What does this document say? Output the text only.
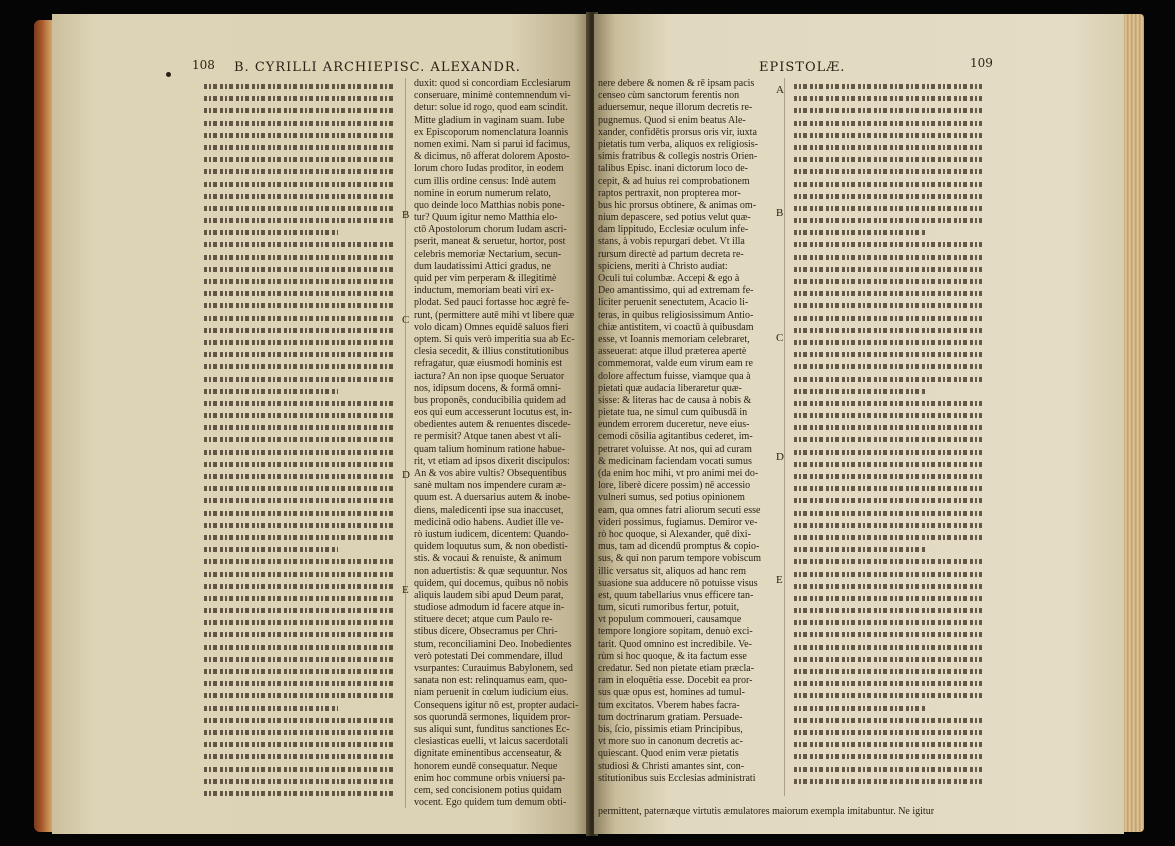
108 B. CYRILLI ARCHIEPISC. ALEXANDR.
duxit: quod si concordiam Ecclesiarum
conseruare, minimè contemnendum vi-
detur: solue id rogo, quod eam scindit.
Mitte gladium in vaginam suam. Iube
ex Episcoporum nomenclatura Ioannis
nomen eximi. Nam si parui id facimus,
& dicimus, nō afferat dolorem Aposto-
lorum choro Iudas proditor, in eodem
cum illis ordine census: Indè autem
nomine in eorum numerum relato,
quo deinde loco Matthias nobis pone-
tur? Quum igitur nemo Matthia elo-
ctō Apostolorum chorum Iudam ascri-
pserit, maneat & seruetur, hortor, post
celebris memoriæ Nectarium, secun-
dum laudatissimi Attici gradus, ne
quid per vim perperam & illegitimè
inductum, memoriam beati viri ex-
plodat. Sed pauci fortasse hoc ægrè fe-
runt, (permittere autē mihi vt libere quæ
volo dicam) Omnes equidē saluos fieri
optem. Si quis verò imperitia sua ab Ec-
clesia secedit, & illius constitutionibus
refragatur, quæ eiusmodi hominis est
iactura? An non ipse quoque Seruator
nos, idipsum docens, & formā omni-
bus proponēs, conducibilia quidem ad
eos qui eum accesserunt locutus est, in-
obedientes autem & renuentes discede-
re permisit? Atque tanen abest vt ali-
quam talium hominum ratione habue-
rit, vt etiam ad ipsos dixerit discipulos:
An & vos abire vultis? Obsequentibus
sanè multam nos impendere curam æ-
quum est. A duersarius autem & inobe-
diens, maledicenti ipse sua inaccuset,
medicinā odio habens. Audiet ille ve-
rò iustum iudicem, dicentem: Quando-
quidem loquutus sum, & non obedisti-
stis. & vocaui & renuiste, & animum
non aduertistis: & quæ sequuntur. Nos
quidem, qui docemus, quibus nō nobis
aliquis laudem sibi apud Deum parat,
studiose admodum id facere atque in-
stituere decet; atque cum Paulo re-
stibus dicere, Obsecramus per Chri-
stum, reconciliamini Deo. Inobedientes
verò potestati Dei commendare, illud
vsurpantes: Curauimus Babylonem, sed
sanata non est: relinquamus eam, quo-
niam peruenit in cœlum iudicium eius.
Consequens igitur nō est, propter audaci-
sos quorundā sermones, liquidem pror-
sus aliqui sunt, funditus sanctiones Ec-
clesiasticas euelli, vt laicus sacerdotali
dignitate eminentibus accenseatur, &
honorem eundē consequatur. Neque
enim hoc commune orbis vniuersi pa-
cem, sed concisionem potius quidam
vocent. Ego quidem tum demum obti-
B
C
D
E
EPISTOLÆ.	109
nere debere & nomen & rē ipsam pacis
censeo cùm sanctorum ferentis non
aduersemur, neque illorum decretis re-
pugnemus. Quod si enim beatus Ale-
xander, confidētis prorsus oris vir, iuxta
pietatis tum verba, aliquos ex religiosis-
simis fratribus & collegis nostris Orien-
talibus Episc. inani dictorum loco de-
cepit, & ad huius rei comprobationem
raptos pertraxit, non propterea mor-
bus hic prorsus obtinere, & animas om-
nium depascere, sed potius velut quæ-
dam lippitudo, Ecclesiæ oculum infe-
stans, à vobis repurgari debet. Vt illa
rursum directè ad partum decreta re-
spiciens, meriti à Christo audiat:
Oculi tui columbæ. Accepi & ego à
Deo amantissimo, qui ad extremam fe-
liciter peruenit senectutem, Acacio li-
teras, in quibus religiosissimum Antio-
chiæ antistitem, vi coactū à quibusdam
esse, vt Ioannis memoriam celebraret,
asseuerat: atque illud præterea apertè
commemorat, valde eum virum eam re
dolore affectum fuisse, viamque qua à
pietati quæ audacia liberaretur quæ-
sisse: & literas hac de causa à nobis &
pietate tua, ne simul cum quibusdā in
eundem errorem duceretur, neve eius-
cemodi cōsilia agitantibus cederet, im-
petraret voluisse. At nos, qui ad curam
& medicinam faciendam vocati sumus
(da enim hoc mihi, vt pro animi mei do-
lore, liberè dicere possim) nē accessio
vulneri sumus, sed potius opinionem
eam, qua omnes fatri aliorum secuti esse
videri possimus, fugiamus. Demiror ve-
rò hoc quoque, si Alexander, quē dixi-
mus, tam ad dicendū promptus & copio-
sus, & qui non parum tempore vobiscum
illic versatus sit, aliquos ad hanc rem
suasione sua adducere nō potuisse visus
est, quum tabellarius vnus efficere tan-
tum, sicuti rumoribus fertur, potuit,
vt populum commoueri, causamque
tempore longiore sopitam, denuò exci-
tarit. Quod omnino est incredibile. Ve-
rùm si hoc quoque, & ita factum esse
credatur. Sed non pietate etiam præcla-
ram in eloquētia esse. Docebit ea pror-
sus quæ opus est, homines ad tumul-
tum excitatos. Vberem habes facra-
tum doctrinarum gratiam. Persuade-
bis, ſcio, pissimis etiam Principibus,
vt more suo in canonum decretis ac-
quiescant. Quod enim veræ pietatis
studiosi & Christi amantes sint, con-
stitutionibus suis Ecclesias administrati
A
B
C
D
E
permittent, paternæque virtutis æmulatores maiorum exempla imitabuntur. Ne igitur
